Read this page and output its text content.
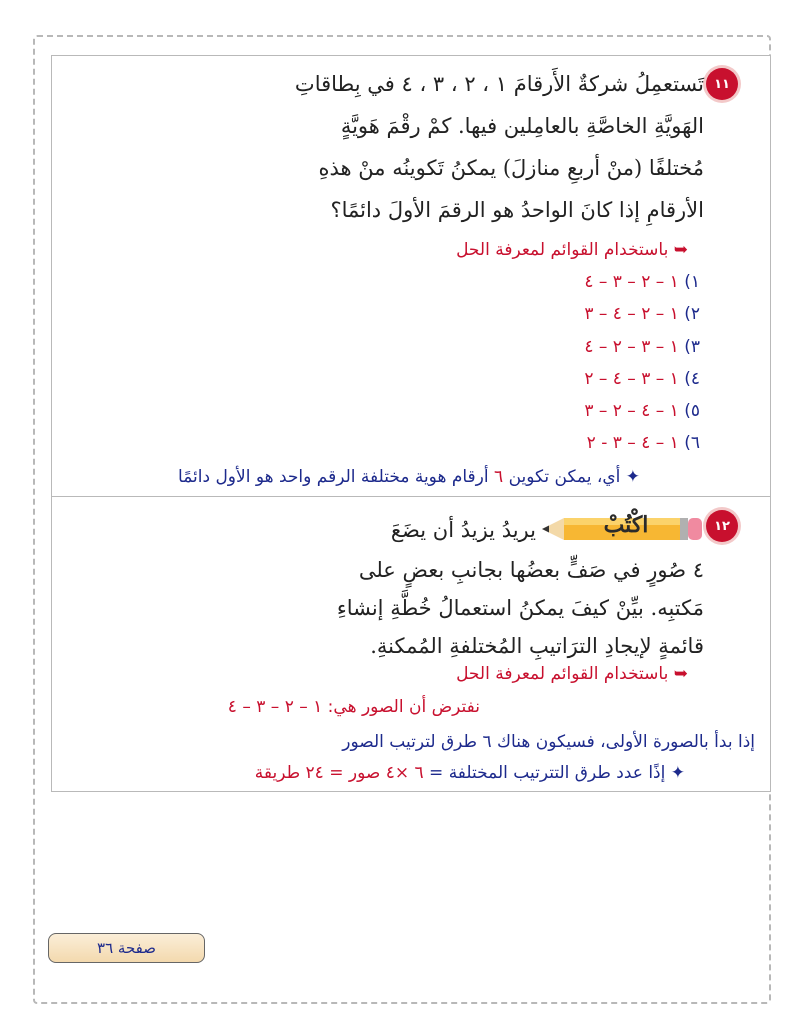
١١
تَستعمِلُ شركةٌ الأَرقامَ ١ ، ٢ ، ٣ ، ٤ في بِطاقاتِ
الهَويَّةِ الخاصَّةِ بالعامِلين فيها. كمْ رقْمَ هَويَّةٍ
مُختلفًا (منْ أربعِ منازلَ) يمكنُ تَكوينُه منْ هذهِ
الأرقامِ إذا كانَ الواحدُ هو الرقمَ الأولَ دائمًا؟
➥ باستخدام القوائم لمعرفة الحل
١) ١ – ٢ – ٣ – ٤
٢) ١ – ٢ – ٤ – ٣
٣) ١ – ٣ – ٢ – ٤
٤) ١ – ٣ – ٤ – ٢
٥) ١ – ٤ – ٢ – ٣
٦) ١ – ٤ – ٣ - ٢
✦ أي، يمكن تكوين ٦ أرقام هوية مختلفة الرقم واحد هو الأول دائمًا
١٢
اكْتُبْ
يريدُ يزيدُ أن يضَعَ
٤ صُورٍ في صَفٍّ بعضُها بجانبِ بعضٍ على
مَكتبِه. بيِّنْ كيفَ يمكنُ استعمالُ خُطَّةِ إنشاءِ
قائمةٍ لإيجادِ الترَاتيبِ المُختلفةِ المُمكنةِ.
➥ باستخدام القوائم لمعرفة الحل
نفترض أن الصور هي: ١ – ٢ – ٣ – ٤
إذا بدأ بالصورة الأولى، فسيكون هناك ٦ طرق لترتيب الصور
✦ إذًا عدد طرق التترتيب المختلفة = ٦ ×٤ صور = ٢٤ طريقة
صفحة ٣٦
